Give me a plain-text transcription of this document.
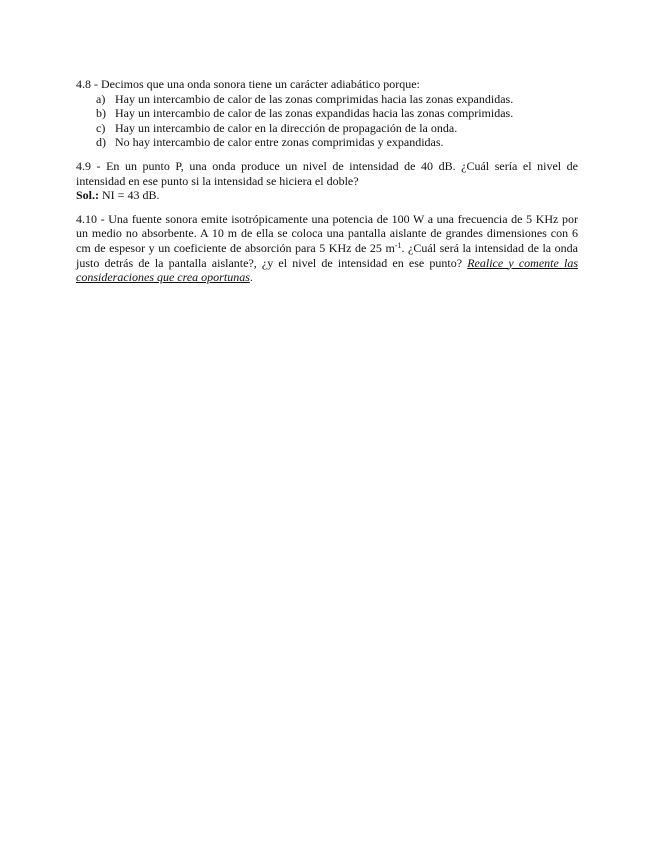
4.8 - Decimos que una onda sonora tiene un carácter adiabático porque:
a) Hay un intercambio de calor de las zonas comprimidas hacia las zonas expandidas.
b) Hay un intercambio de calor de las zonas expandidas hacia las zonas comprimidas.
c) Hay un intercambio de calor en la dirección de propagación de la onda.
d) No hay intercambio de calor entre zonas comprimidas y expandidas.
4.9 - En un punto P, una onda produce un nivel de intensidad de 40 dB. ¿Cuál sería el nivel de intensidad en ese punto si la intensidad se hiciera el doble?
Sol.: NI = 43 dB.
4.10 - Una fuente sonora emite isotrópicamente una potencia de 100 W a una frecuencia de 5 KHz por un medio no absorbente. A 10 m de ella se coloca una pantalla aislante de grandes dimensiones con 6 cm de espesor y un coeficiente de absorción para 5 KHz de 25 $m^{-1}$. ¿Cuál será la intensidad de la onda justo detrás de la pantalla aislante?, ¿y el nivel de intensidad en ese punto? Realice y comente las consideraciones que crea oportunas.
